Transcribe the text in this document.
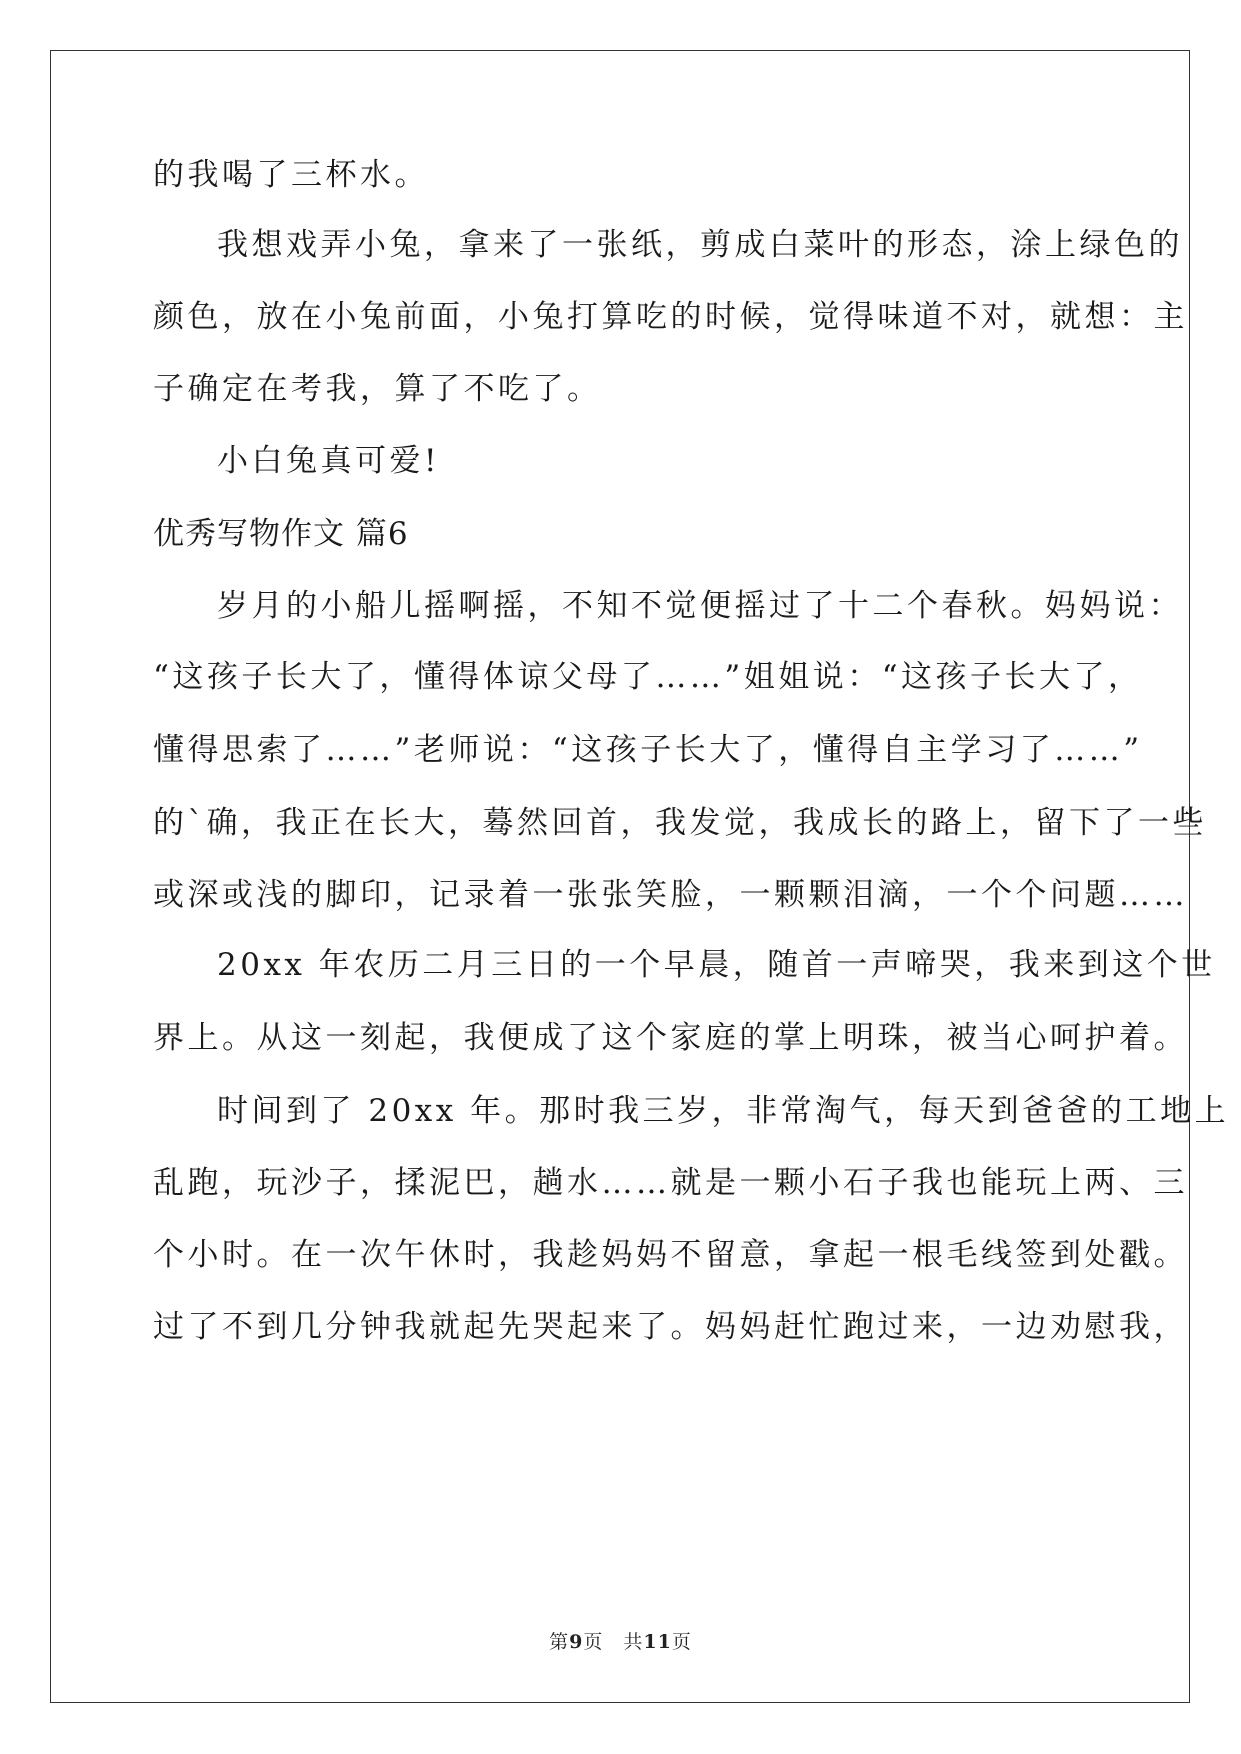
的我喝了三杯水。
我想戏弄小兔，拿来了一张纸，剪成白菜叶的形态，涂上绿色的
颜色，放在小兔前面，小兔打算吃的时候，觉得味道不对，就想：主
子确定在考我，算了不吃了。
小白兔真可爱!
优秀写物作文 篇6
岁月的小船儿摇啊摇，不知不觉便摇过了十二个春秋。妈妈说：
“这孩子长大了，懂得体谅父母了……”姐姐说：“这孩子长大了，
懂得思索了……”老师说：“这孩子长大了，懂得自主学习了……”
的`确，我正在长大，蓦然回首，我发觉，我成长的路上，留下了一些
或深或浅的脚印，记录着一张张笑脸，一颗颗泪滴，一个个问题……
20xx 年农历二月三日的一个早晨，随首一声啼哭，我来到这个世
界上。从这一刻起，我便成了这个家庭的掌上明珠，被当心呵护着。
时间到了 20xx 年。那时我三岁，非常淘气，每天到爸爸的工地上
乱跑，玩沙子，揉泥巴，趟水……就是一颗小石子我也能玩上两、三
个小时。在一次午休时，我趁妈妈不留意，拿起一根毛线签到处戳。
过了不到几分钟我就起先哭起来了。妈妈赶忙跑过来，一边劝慰我，
第9页　共11页
